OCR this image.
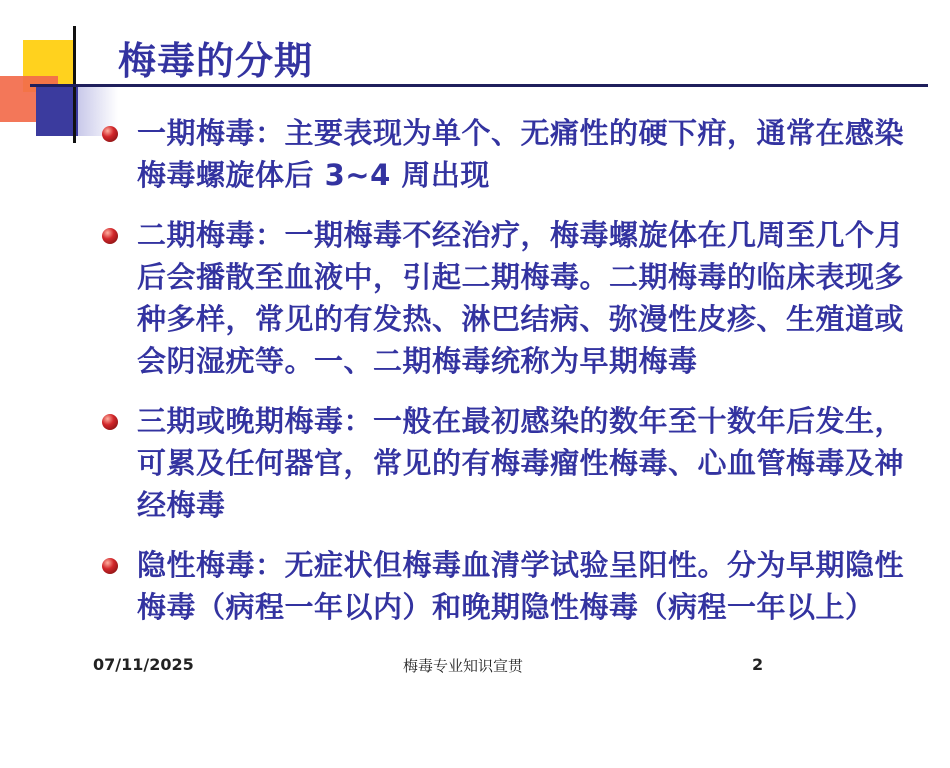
梅毒的分期
一期梅毒：主要表现为单个、无痛性的硬下疳，通常在感染梅毒螺旋体后 3~4 周出现
二期梅毒：一期梅毒不经治疗，梅毒螺旋体在几周至几个月后会播散至血液中，引起二期梅毒。二期梅毒的临床表现多种多样，常见的有发热、淋巴结病、弥漫性皮疹、生殖道或会阴湿疣等。一、二期梅毒统称为早期梅毒
三期或晚期梅毒：一般在最初感染的数年至十数年后发生，可累及任何器官，常见的有梅毒瘤性梅毒、心血管梅毒及神经梅毒
隐性梅毒：无症状但梅毒血清学试验呈阳性。分为早期隐性梅毒（病程一年以内）和晚期隐性梅毒（病程一年以上）
07/11/2025	梅毒专业知识宣贯	2
